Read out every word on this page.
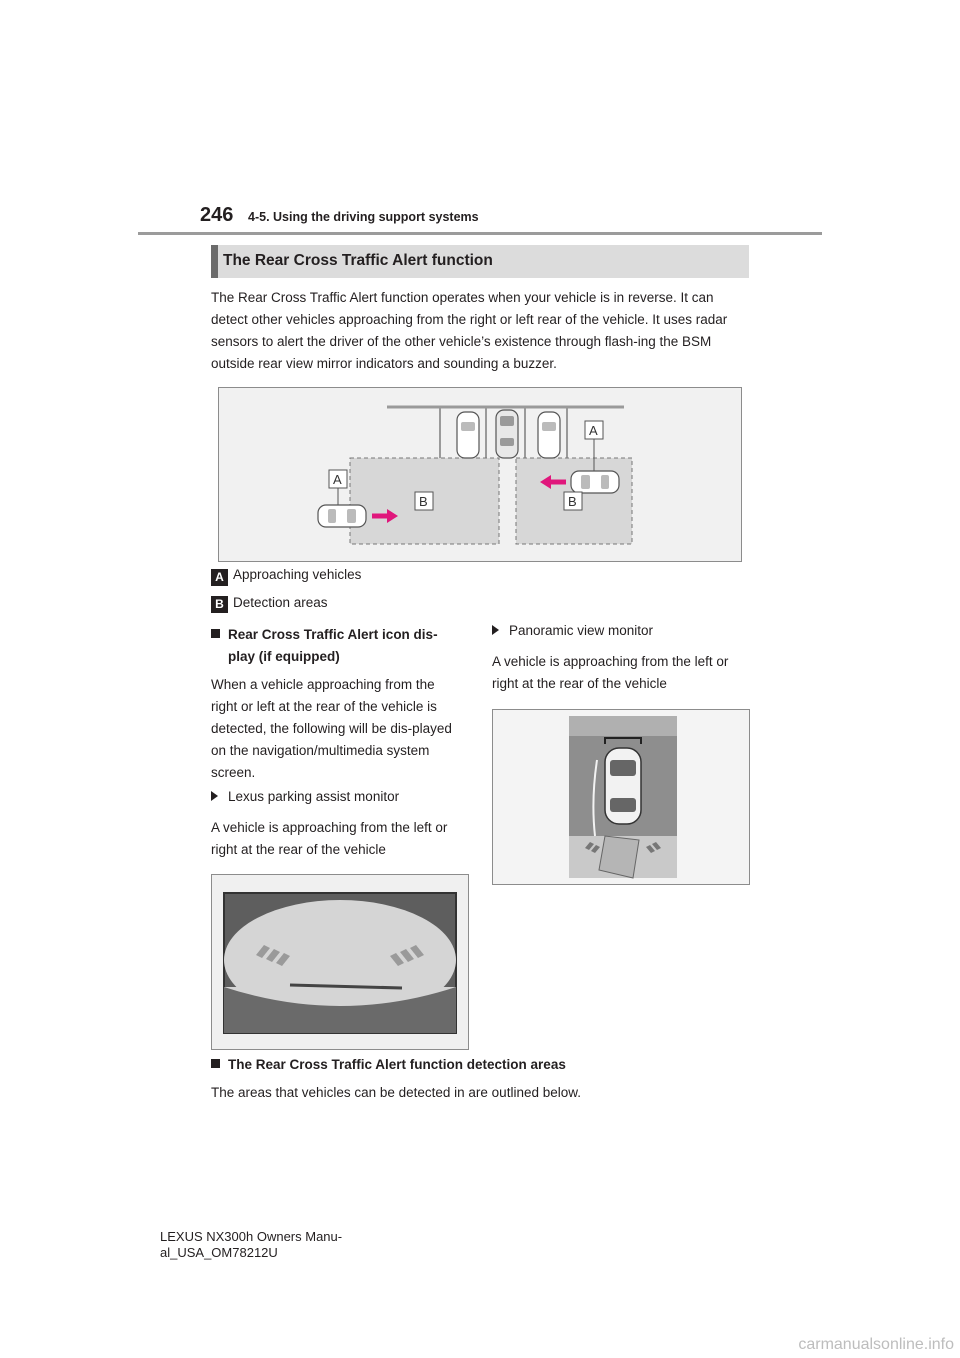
246 4-5. Using the driving support systems
The Rear Cross Traffic Alert function
The Rear Cross Traffic Alert function operates when your vehicle is in reverse. It can detect other vehicles approaching from the right or left rear of the vehicle. It uses radar sensors to alert the driver of the other vehicle’s existence through flash-ing the BSM outside rear view mirror indicators and sounding a buzzer.
A
A
B	B
A Approaching vehicles
B Detection areas
Rear Cross Traffic Alert icon dis-
play (if equipped)
When a vehicle approaching from the right or left at the rear of the vehicle is detected, the following will be dis-played on the navigation/multimedia system screen.
Lexus parking assist monitor
A vehicle is approaching from the left or right at the rear of the vehicle
Panoramic view monitor
A vehicle is approaching from the left or right at the rear of the vehicle
The Rear Cross Traffic Alert function detection areas
The areas that vehicles can be detected in are outlined below.
LEXUS NX300h Owners Manu-
al_USA_OM78212U
carmanualsonline.info
